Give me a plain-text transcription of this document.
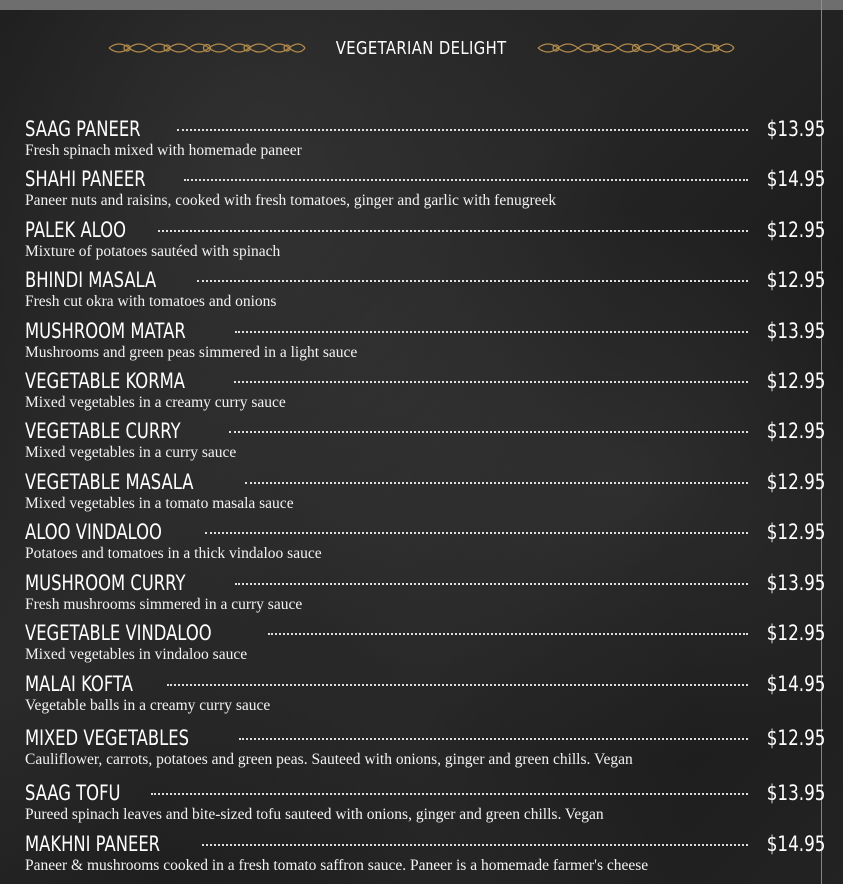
VEGETARIAN DELIGHT
SAAG PANEER	$13.95
Fresh spinach mixed with homemade paneer
SHAHI PANEER	$14.95
Paneer nuts and raisins, cooked with fresh tomatoes, ginger and garlic with fenugreek
PALEK ALOO	$12.95
Mixture of potatoes sautéed with spinach
BHINDI MASALA	$12.95
Fresh cut okra with tomatoes and onions
MUSHROOM MATAR	$13.95
Mushrooms and green peas simmered in a light sauce
VEGETABLE KORMA	$12.95
Mixed vegetables in a creamy curry sauce
VEGETABLE CURRY	$12.95
Mixed vegetables in a curry sauce
VEGETABLE MASALA	$12.95
Mixed vegetables in a tomato masala sauce
ALOO VINDALOO	$12.95
Potatoes and tomatoes in a thick vindaloo sauce
MUSHROOM CURRY	$13.95
Fresh mushrooms simmered in a curry sauce
VEGETABLE VINDALOO	$12.95
Mixed vegetables in vindaloo sauce
MALAI KOFTA	$14.95
Vegetable balls in a creamy curry sauce
MIXED VEGETABLES	$12.95
Cauliflower, carrots, potatoes and green peas. Sauteed with onions, ginger and green chills. Vegan
SAAG TOFU	$13.95
Pureed spinach leaves and bite-sized tofu sauteed with onions, ginger and green chills. Vegan
MAKHNI PANEER	$14.95
Paneer & mushrooms cooked in a fresh tomato saffron sauce. Paneer is a homemade farmer's cheese
